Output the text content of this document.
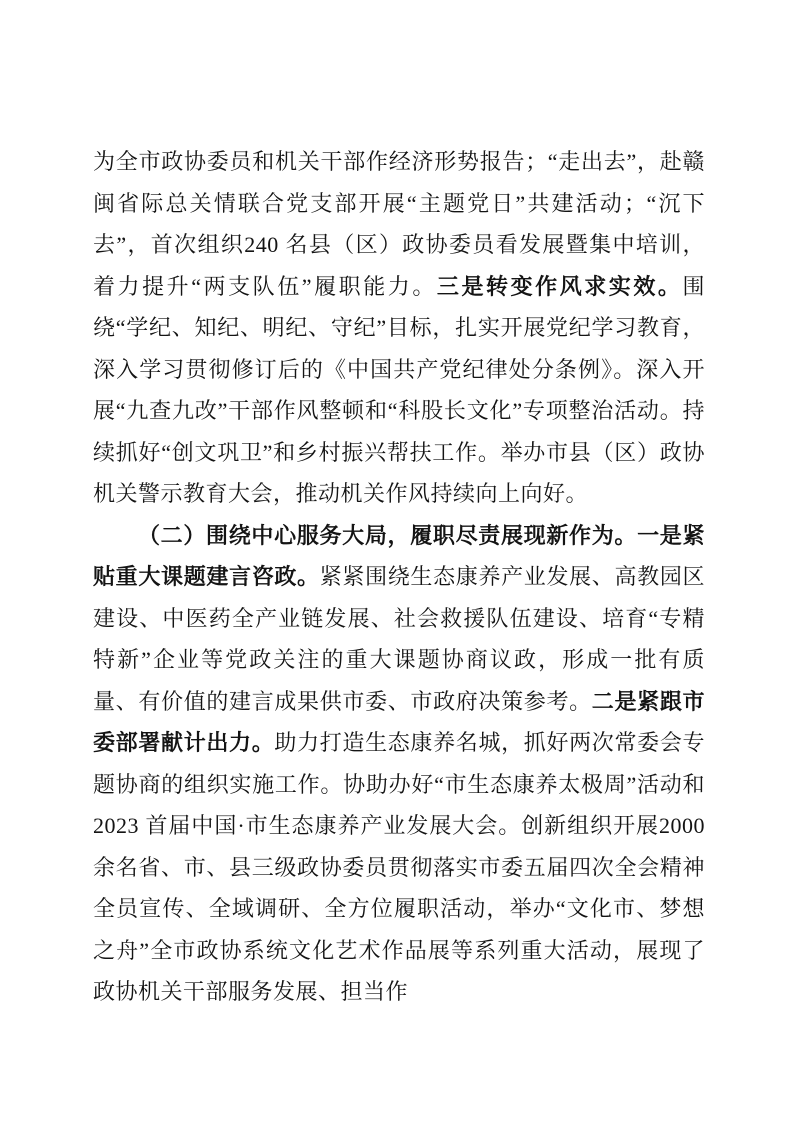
为全市政协委员和机关干部作经济形势报告；“走出去”，赴赣闽省际总关情联合党支部开展“主题党日”共建活动；“沉下去”，首次组织240 名县（区）政协委员看发展暨集中培训，着力提升“两支队伍”履职能力。三是转变作风求实效。围绕“学纪、知纪、明纪、守纪”目标，扎实开展党纪学习教育，深入学习贯彻修订后的《中国共产党纪律处分条例》。深入开展“九查九改”干部作风整顿和“科股长文化”专项整治活动。持续抓好“创文巩卫”和乡村振兴帮扶工作。举办市县（区）政协机关警示教育大会，推动机关作风持续向上向好。

（二）围绕中心服务大局，履职尽责展现新作为。一是紧贴重大课题建言咨政。紧紧围绕生态康养产业发展、高教园区建设、中医药全产业链发展、社会救援队伍建设、培育“专精特新”企业等党政关注的重大课题协商议政，形成一批有质量、有价值的建言成果供市委、市政府决策参考。二是紧跟市委部署献计出力。助力打造生态康养名城，抓好两次常委会专题协商的组织实施工作。协助办好“市生态康养太极周”活动和 2023 首届中国·市生态康养产业发展大会。创新组织开展2000 余名省、市、县三级政协委员贯彻落实市委五届四次全会精神全员宣传、全域调研、全方位履职活动，举办“文化市、梦想之舟”全市政协系统文化艺术作品展等系列重大活动，展现了政协机关干部服务发展、担当作
